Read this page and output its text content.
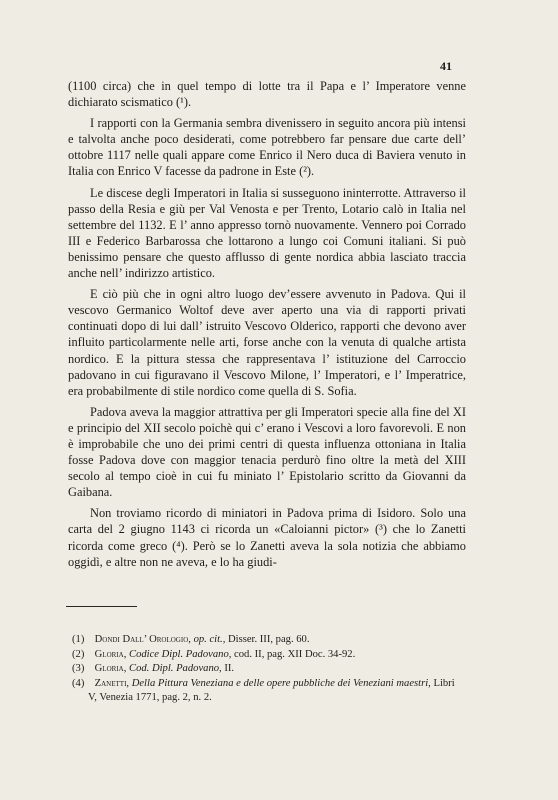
41

(1100 circa) che in quel tempo di lotte tra il Papa e l’ Imperatore venne dichiarato scismatico (¹).

I rapporti con la Germania sembra divenissero in seguito ancora più intensi e talvolta anche poco desiderati, come potrebbero far pensare due carte dell’ ottobre 1117 nelle quali appare come Enrico il Nero duca di Baviera venuto in Italia con Enrico V facesse da padrone in Este (²).

Le discese degli Imperatori in Italia si susseguono ininterrotte. Attraverso il passo della Resia e giù per Val Venosta e per Trento, Lotario calò in Italia nel settembre del 1132. E l’ anno appresso tornò nuovamente. Vennero poi Corrado III e Federico Barbarossa che lottarono a lungo coi Comuni italiani. Si può benissimo pensare che questo afflusso di gente nordica abbia lasciato traccia anche nell’ indirizzo artistico.

E ciò più che in ogni altro luogo dev’essere avvenuto in Padova. Qui il vescovo Germanico Woltof deve aver aperto una via di rapporti privati continuati dopo di lui dall’ istruito Vescovo Olderico, rapporti che devono aver influito particolarmente nelle arti, forse anche con la venuta di qualche artista nordico. E la pittura stessa che rappresentava l’ istituzione del Carroccio padovano in cui figuravano il Vescovo Milone, l’ Imperatori, e l’ Imperatrice, era probabilmente di stile nordico come quella di S. Sofia.

Padova aveva la maggior attrattiva per gli Imperatori specie alla fine del XI e principio del XII secolo poichè qui c’ erano i Vescovi a loro favorevoli. E non è improbabile che uno dei primi centri di questa influenza ottoniana in Italia fosse Padova dove con maggior tenacia perdurò fino oltre la metà del XIII secolo al tempo cioè in cui fu miniato l’ Epistolario scritto da Giovanni da Gaibana.

Non troviamo ricordo di miniatori in Padova prima di Isidoro. Solo una carta del 2 giugno 1143 ci ricorda un «Caloianni pictor» (³) che lo Zanetti ricorda come greco (⁴). Però se lo Zanetti aveva la sola notizia che abbiamo oggidì, e altre non ne aveva, e lo ha giudi-

(1) Dondi Dall’ Orologio, op. cit., Disser. III, pag. 60.

(2) Gloria, Codice Dipl. Padovano, cod. II, pag. XII Doc. 34-92.

(3) Gloria, Cod. Dipl. Padovano, II.

(4) Zanetti, Della Pittura Veneziana e delle opere pubbliche dei Veneziani maestri, Libri V, Venezia 1771, pag. 2, n. 2.
